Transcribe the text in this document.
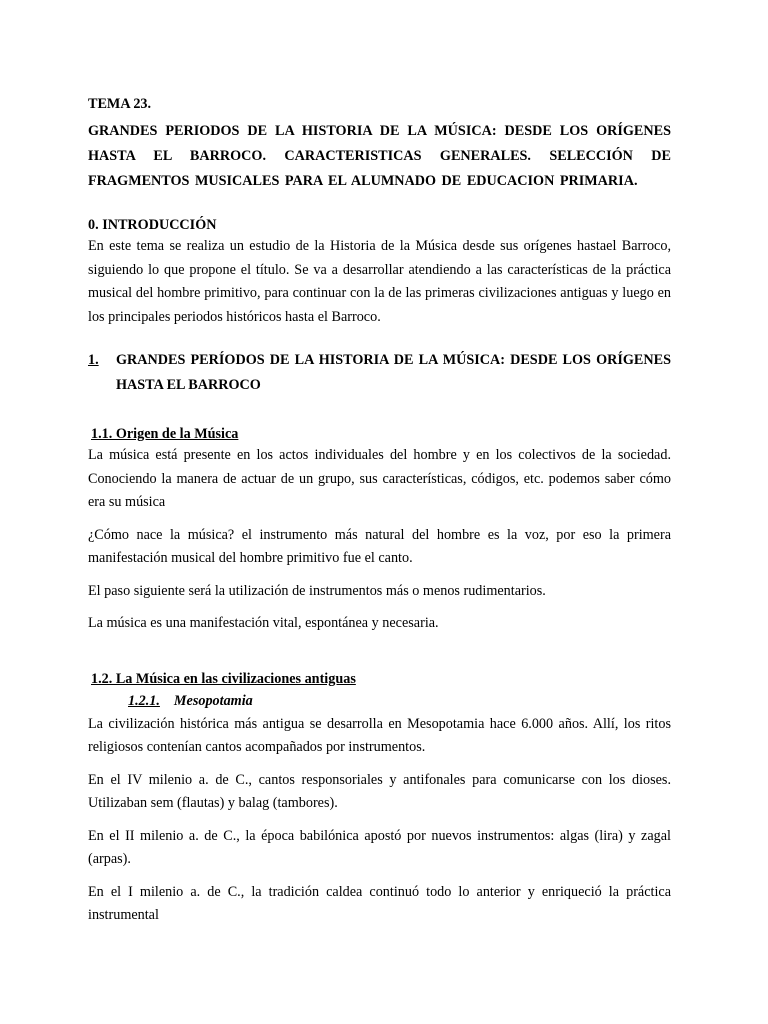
TEMA 23.

GRANDES PERIODOS DE LA HISTORIA DE LA MÚSICA: DESDE LOS ORÍGENES HASTA EL BARROCO. CARACTERISTICAS GENERALES. SELECCIÓN DE FRAGMENTOS MUSICALES PARA EL ALUMNADO DE EDUCACION PRIMARIA.

0. INTRODUCCIÓN

En este tema se realiza un estudio de la Historia de la Música desde sus orígenes hastael Barroco, siguiendo lo que propone el título. Se va a desarrollar atendiendo a las características de la práctica musical del hombre primitivo, para continuar con la de las primeras civilizaciones antiguas y luego en los principales periodos históricos hasta el Barroco.

1.	GRANDES PERÍODOS DE LA HISTORIA DE LA MÚSICA: DESDE LOS ORÍGENES HASTA EL BARROCO

1.1. Origen de la Música

La música está presente en los actos individuales del hombre y en los colectivos de la sociedad. Conociendo la manera de actuar de un grupo, sus características, códigos, etc. podemos saber cómo era su música

¿Cómo nace la música? el instrumento más natural del hombre es la voz, por eso la primera manifestación musical del hombre primitivo fue el canto.

El paso siguiente será la utilización de instrumentos más o menos rudimentarios.

La música es una manifestación vital, espontánea y necesaria.

1.2. La Música en las civilizaciones antiguas

1.2.1. Mesopotamia

La civilización histórica más antigua se desarrolla en Mesopotamia hace 6.000 años. Allí, los ritos religiosos contenían cantos acompañados por instrumentos.

En el IV milenio a. de C., cantos responsoriales y antifonales para comunicarse con los dioses. Utilizaban sem (flautas) y balag (tambores).

En el II milenio a. de C., la época babilónica apostó por nuevos instrumentos: algas (lira) y zagal (arpas).

En el I milenio a. de C., la tradición caldea continuó todo lo anterior y enriqueció la práctica instrumental
